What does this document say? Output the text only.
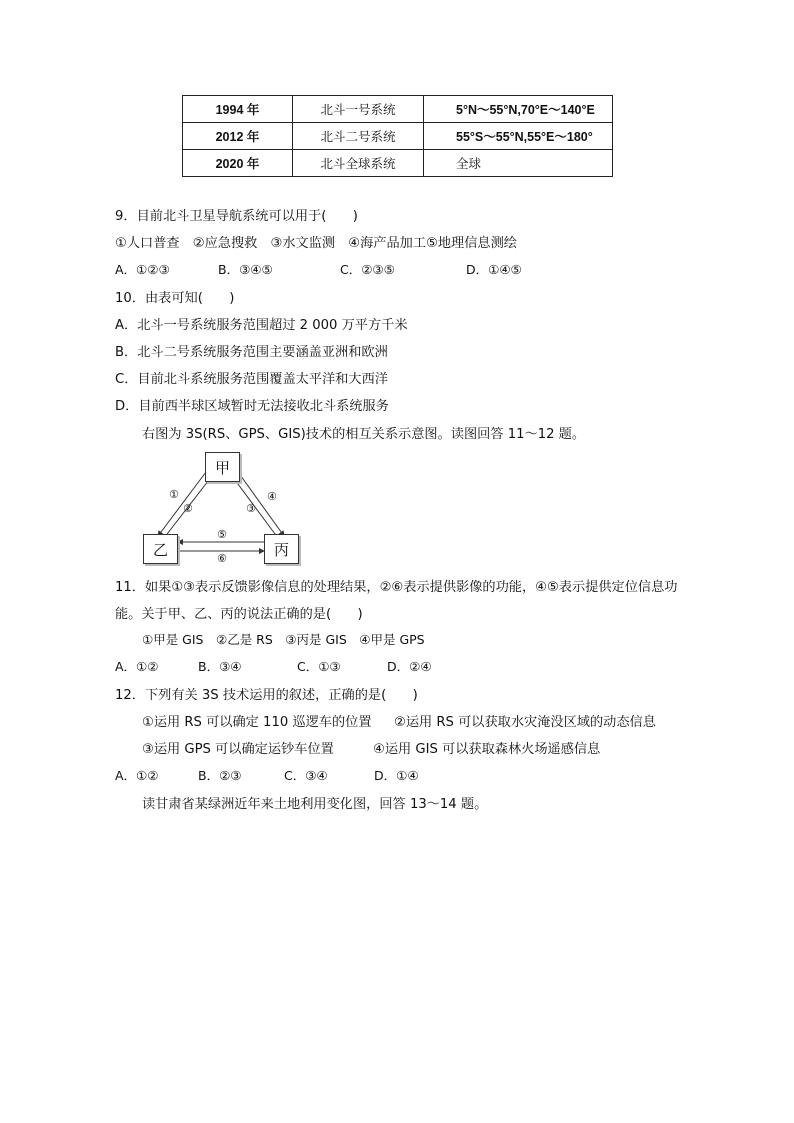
1994 年	北斗一号系统	5°N～55°N,70°E～140°E
2012 年	北斗二号系统	55°S～55°N,55°E～180°
2020 年	北斗全球系统	全球
9．目前北斗卫星导航系统可以用于(　　)
①人口普查　②应急搜救　③水文监测　④海产品加工⑤地理信息测绘
A．①②③	B．③④⑤	C．②③⑤	D．①④⑤
10．由表可知(　　)
A．北斗一号系统服务范围超过 2 000 万平方千米
B．北斗二号系统服务范围主要涵盖亚洲和欧洲
C．目前北斗系统服务范围覆盖太平洋和大西洋
D．目前西半球区域暂时无法接收北斗系统服务
右图为 3S(RS、GPS、GIS)技术的相互关系示意图。读图回答 11～12 题。
甲
乙	丙
①
②	③
④
⑤
⑥
11．如果①③表示反馈影像信息的处理结果，②⑥表示提供影像的功能，④⑤表示提供定位信息功
能。关于甲、乙、丙的说法正确的是(　　)
①甲是 GIS　②乙是 RS　③丙是 GIS　④甲是 GPS
A．①②	B．③④	C．①③	D．②④
12．下列有关 3S 技术运用的叙述，正确的是(　　)
①运用 RS 可以确定 110 巡逻车的位置 ②运用 RS 可以获取水灾淹没区域的动态信息
③运用 GPS 可以确定运钞车位置	④运用 GIS 可以获取森林火场遥感信息
A．①②	B．②③	C．③④	D．①④
读甘肃省某绿洲近年来土地利用变化图，回答 13～14 题。
